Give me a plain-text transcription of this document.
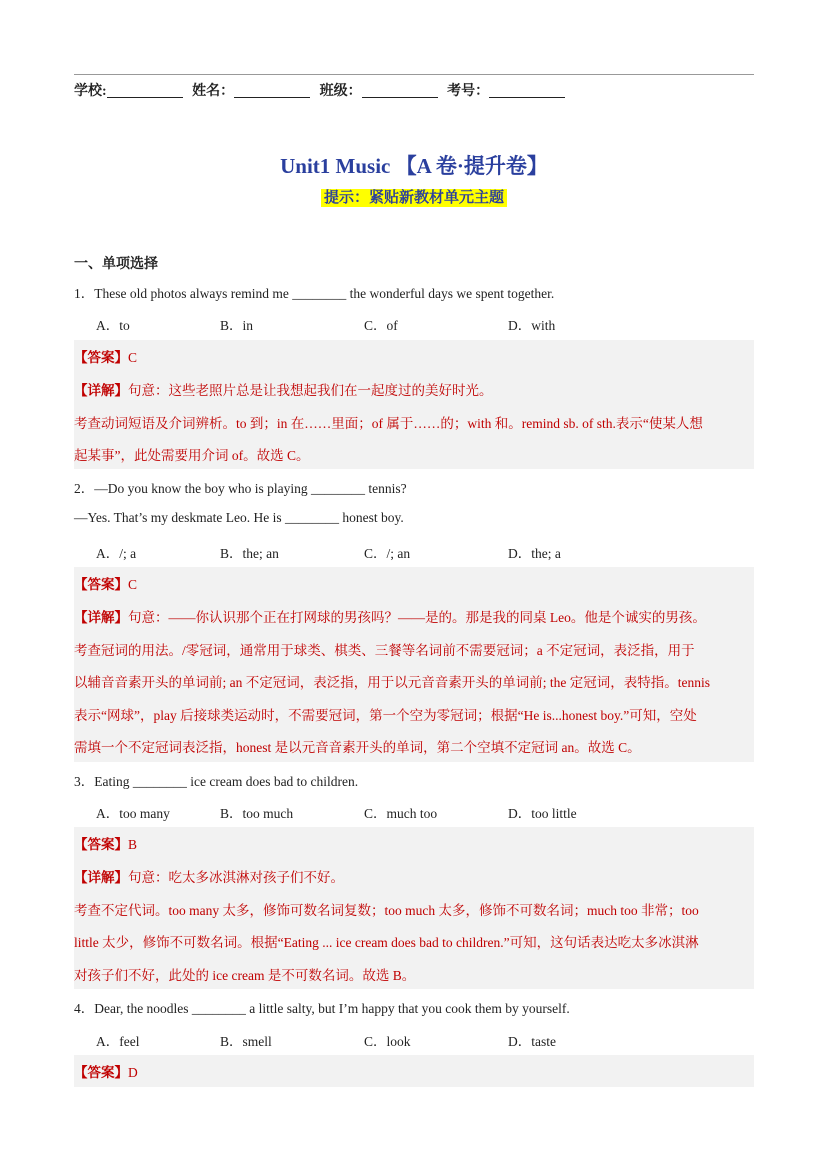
学校:	姓名：	班级：	考号：
Unit1 Music 【A 卷·提升卷】
提示：紧贴新教材单元主题
一、单项选择
1．These old photos always remind me ________ the wonderful days we spent together.
A．to	B．in	C．of	D．with
【答案】C
【详解】句意：这些老照片总是让我想起我们在一起度过的美好时光。
考查动词短语及介词辨析。to 到；in 在……里面；of 属于……的；with 和。remind sb. of sth.表示“使某人想
起某事”，此处需要用介词 of。故选 C。
2．—Do you know the boy who is playing ________ tennis?
—Yes. That’s my deskmate Leo. He is ________ honest boy.
A．/; a	B．the; an	C．/; an	D．the; a
【答案】C
【详解】句意：——你认识那个正在打网球的男孩吗？——是的。那是我的同桌 Leo。他是个诚实的男孩。
考查冠词的用法。/零冠词，通常用于球类、棋类、三餐等名词前不需要冠词；a 不定冠词，表泛指，用于
以辅音音素开头的单词前; an 不定冠词，表泛指，用于以元音音素开头的单词前; the 定冠词，表特指。tennis
表示“网球”，play 后接球类运动时，不需要冠词，第一个空为零冠词；根据“He is...honest boy.”可知，空处
需填一个不定冠词表泛指，honest 是以元音音素开头的单词，第二个空填不定冠词 an。故选 C。
3．Eating ________ ice cream does bad to children.
A．too many	B．too much	C．much too	D．too little
【答案】B
【详解】句意：吃太多冰淇淋对孩子们不好。
考查不定代词。too many 太多，修饰可数名词复数；too much 太多，修饰不可数名词；much too 非常；too
little 太少，修饰不可数名词。根据“Eating ... ice cream does bad to children.”可知，这句话表达吃太多冰淇淋
对孩子们不好，此处的 ice cream 是不可数名词。故选 B。
4．Dear, the noodles ________ a little salty, but I’m happy that you cook them by yourself.
A．feel	B．smell	C．look	D．taste
【答案】D
